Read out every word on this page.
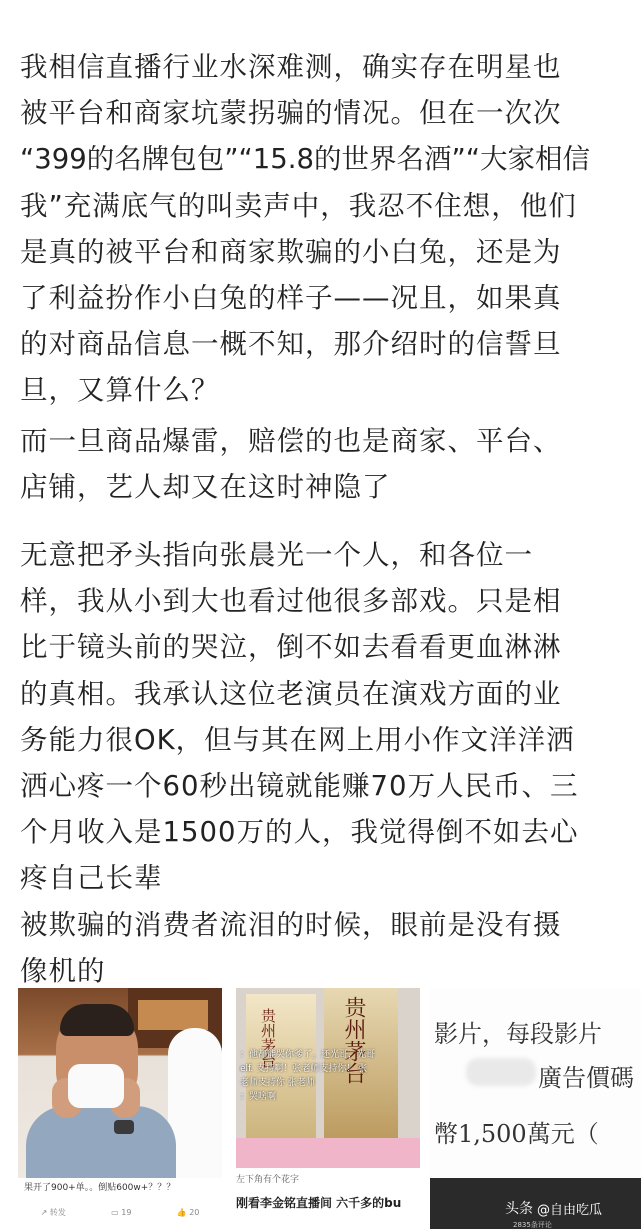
我相信直播行业水深难测，确实存在明星也
被平台和商家坑蒙拐骗的情况。但在一次次
“399的名牌包包”“15.8的世界名酒”“大家相信
我”充满底气的叫卖声中，我忍不住想，他们
是真的被平台和商家欺骗的小白兔，还是为
了利益扮作小白兔的样子——况且，如果真
的对商品信息一概不知，那介绍时的信誓旦
旦，又算什么？
而一旦商品爆雷，赔偿的也是商家、平台、
店铺，艺人却又在这时神隐了
无意把矛头指向张晨光一个人，和各位一
样，我从小到大也看过他很多部戏。只是相
比于镜头前的哭泣，倒不如去看看更血淋淋
的真相。我承认这位老演员在演戏方面的业
务能力很OK，但与其在网上用小作文洋洋洒
洒心疼一个60秒出镜就能赚70万人民币、三
个月收入是1500万的人，我觉得倒不如去心
疼自己长辈
被欺骗的消费者流泪的时候，眼前是没有摄
像机的
果开了900+单。。倒贴600w+？？？
↗ 转发	▭ 19	👍 20
贵州茅台	贵州茅台
：他都能哭你爹了。还光哥，光哥
elf. 支持啊！张老师支持你！ 张
老师支持你 张老师
：哭啥啊
左下角有个花字
刚看李金铭直播间 六千多的bu
影片，每段影片
廣告價碼
幣1,500萬元（
头条 @自由吃瓜
2835条评论
